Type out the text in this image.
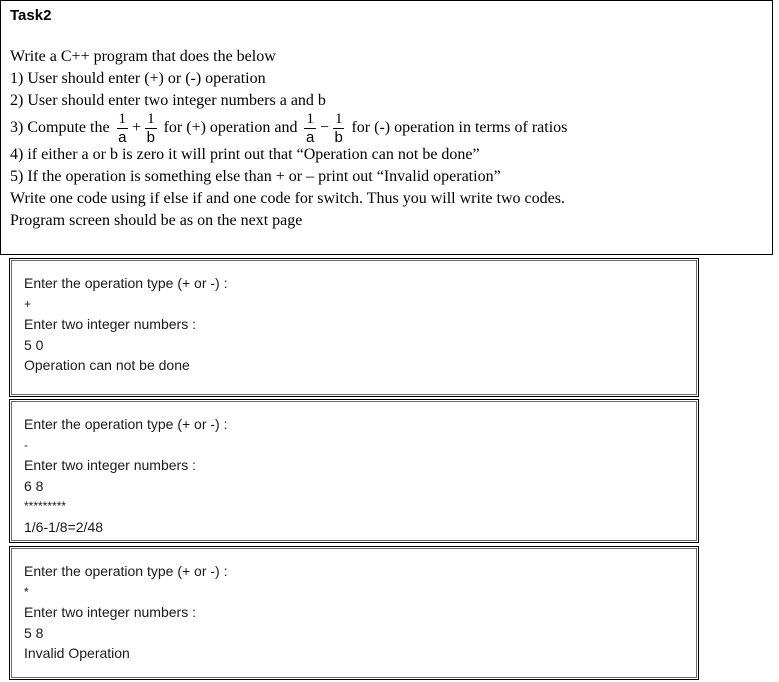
Task2
Write a C++ program that does the below
1) User should enter (+) or (-) operation
2) User should enter two integer numbers a and b
3) Compute the $\frac{1}{a} + \frac{1}{b}$ for (+) operation and $\frac{1}{a} - \frac{1}{b}$ for (-) operation in terms of ratios
4) if either a or b is zero it will print out that “Operation can not be done”
5) If the operation is something else than + or – print out “Invalid operation”
Write one code using if else if and one code for switch. Thus you will write two codes.
Program screen should be as on the next page
Enter the operation type (+ or -) :
+
Enter two integer numbers :
5 0
Operation can not be done
Enter the operation type (+ or -) :
-
Enter two integer numbers :
6 8
*********
1/6-1/8=2/48
Enter the operation type (+ or -) :
*
Enter two integer numbers :
5 8
Invalid Operation
